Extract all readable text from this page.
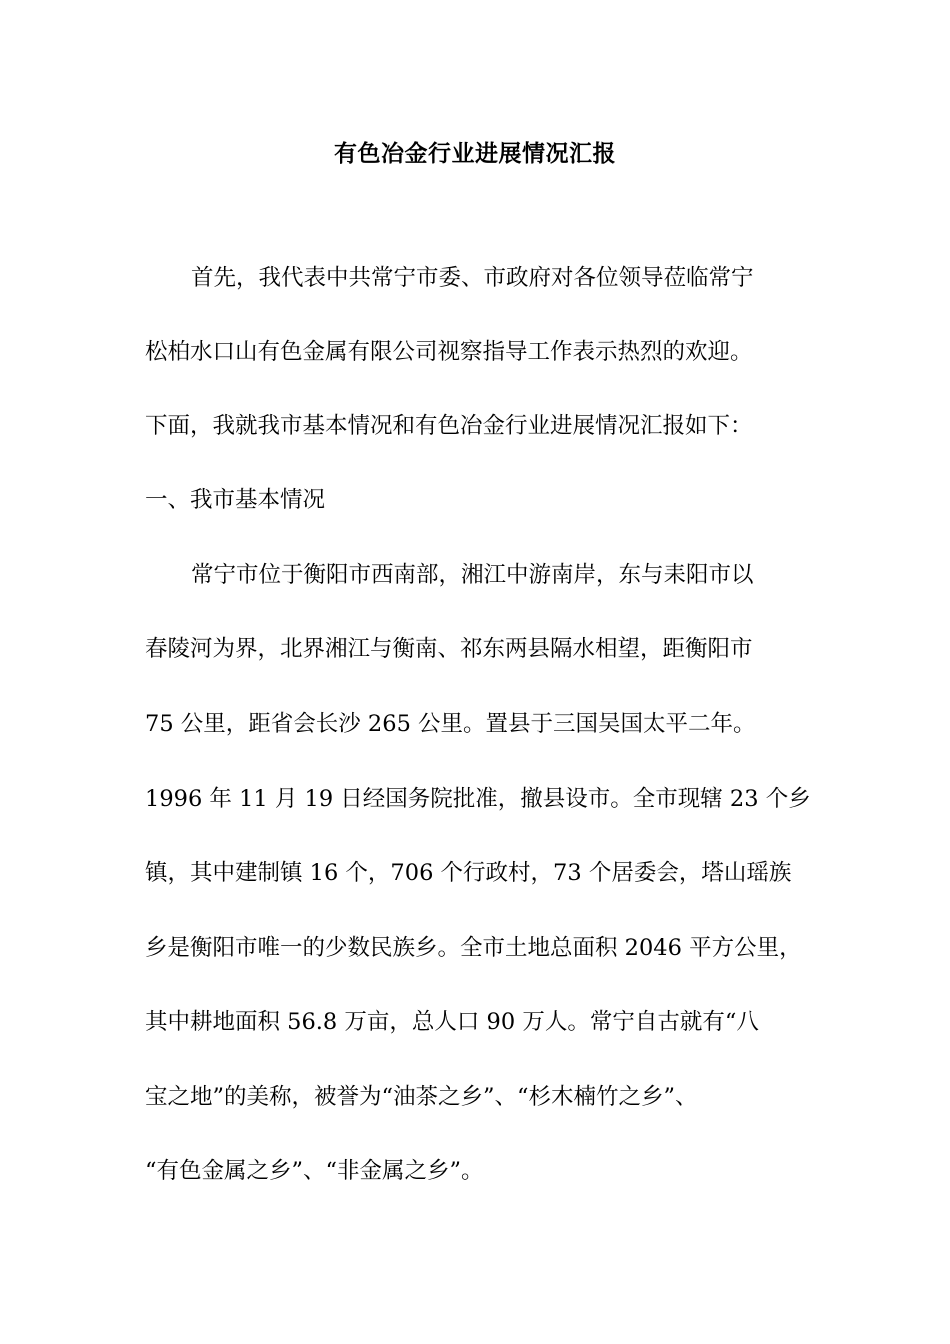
有色冶金行业进展情况汇报
首先，我代表中共常宁市委、市政府对各位领导莅临常宁
松柏水口山有色金属有限公司视察指导工作表示热烈的欢迎。
下面，我就我市基本情况和有色冶金行业进展情况汇报如下：
一、我市基本情况
常宁市位于衡阳市西南部，湘江中游南岸，东与耒阳市以
春陵河为界，北界湘江与衡南、祁东两县隔水相望，距衡阳市
75 公里，距省会长沙 265 公里。置县于三国吴国太平二年。
1996 年 11 月 19 日经国务院批准，撤县设市。全市现辖 23 个乡
镇，其中建制镇 16 个，706 个行政村，73 个居委会，塔山瑶族
乡是衡阳市唯一的少数民族乡。全市土地总面积 2046 平方公里，
其中耕地面积 56.8 万亩，总人口 90 万人。常宁自古就有“八
宝之地”的美称，被誉为“油茶之乡”、“杉木楠竹之乡”、
“有色金属之乡”、“非金属之乡”。
